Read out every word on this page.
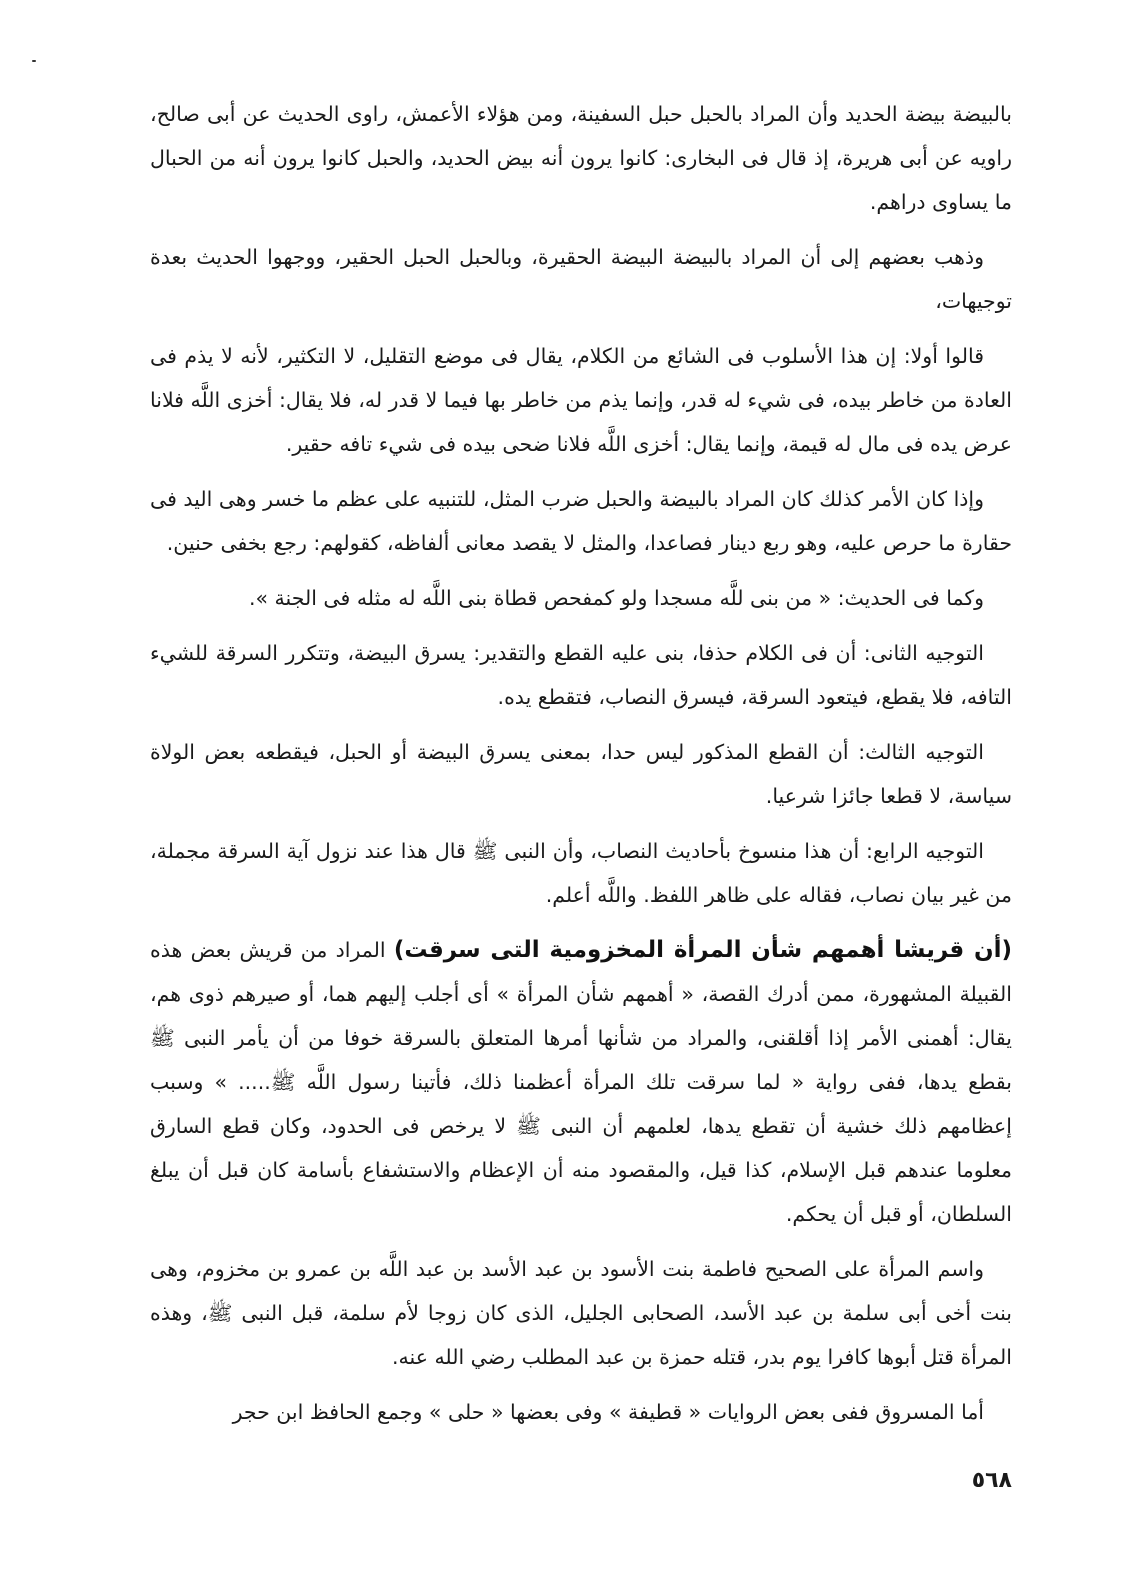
بالبيضة بيضة الحديد وأن المراد بالحبل حبل السفينة، ومن هؤلاء الأعمش، راوى الحديث عن أبى صالح، راويه عن أبى هريرة، إذ قال فى البخارى: كانوا يرون أنه بيض الحديد، والحبل كانوا يرون أنه من الحبال ما يساوى دراهم.

وذهب بعضهم إلى أن المراد بالبيضة البيضة الحقيرة، وبالحبل الحبل الحقير، ووجهوا الحديث بعدة توجيهات،

قالوا أولا: إن هذا الأسلوب فى الشائع من الكلام، يقال فى موضع التقليل، لا التكثير، لأنه لا يذم فى العادة من خاطر بيده، فى شيء له قدر، وإنما يذم من خاطر بها فيما لا قدر له، فلا يقال: أخزى اللَّه فلانا عرض يده فى مال له قيمة، وإنما يقال: أخزى اللَّه فلانا ضحى بيده فى شيء تافه حقير.

وإذا كان الأمر كذلك كان المراد بالبيضة والحبل ضرب المثل، للتنبيه على عظم ما خسر وهى اليد فى حقارة ما حرص عليه، وهو ربع دينار فصاعدا، والمثل لا يقصد معانى ألفاظه، كقولهم: رجع بخفى حنين.

وكما فى الحديث: « من بنى للَّه مسجدا ولو كمفحص قطاة بنى اللَّه له مثله فى الجنة ».

التوجيه الثانى: أن فى الكلام حذفا، بنى عليه القطع والتقدير: يسرق البيضة، وتتكرر السرقة للشيء التافه، فلا يقطع، فيتعود السرقة، فيسرق النصاب، فتقطع يده.

التوجيه الثالث: أن القطع المذكور ليس حدا، بمعنى يسرق البيضة أو الحبل، فيقطعه بعض الولاة سياسة، لا قطعا جائزا شرعيا.

التوجيه الرابع: أن هذا منسوخ بأحاديث النصاب، وأن النبى ﷺ قال هذا عند نزول آية السرقة مجملة، من غير بيان نصاب، فقاله على ظاهر اللفظ. واللَّه أعلم.

(أن قريشا أهمهم شأن المرأة المخزومية التى سرقت) المراد من قريش بعض هذه القبيلة المشهورة، ممن أدرك القصة، « أهمهم شأن المرأة » أى أجلب إليهم هما، أو صيرهم ذوى هم، يقال: أهمنى الأمر إذا أقلقنى، والمراد من شأنها أمرها المتعلق بالسرقة خوفا من أن يأمر النبى ﷺ بقطع يدها، ففى رواية « لما سرقت تلك المرأة أعظمنا ذلك، فأتينا رسول اللَّه ﷺ..... » وسبب إعظامهم ذلك خشية أن تقطع يدها، لعلمهم أن النبى ﷺ لا يرخص فى الحدود، وكان قطع السارق معلوما عندهم قبل الإسلام، كذا قيل، والمقصود منه أن الإعظام والاستشفاع بأسامة كان قبل أن يبلغ السلطان، أو قبل أن يحكم.

واسم المرأة على الصحيح فاطمة بنت الأسود بن عبد الأسد بن عبد اللَّه بن عمرو بن مخزوم، وهى بنت أخى أبى سلمة بن عبد الأسد، الصحابى الجليل، الذى كان زوجا لأم سلمة، قبل النبى ﷺ، وهذه المرأة قتل أبوها كافرا يوم بدر، قتله حمزة بن عبد المطلب رضي الله عنه.

أما المسروق ففى بعض الروايات « قطيفة » وفى بعضها « حلى » وجمع الحافظ ابن حجر

٥٦٨
